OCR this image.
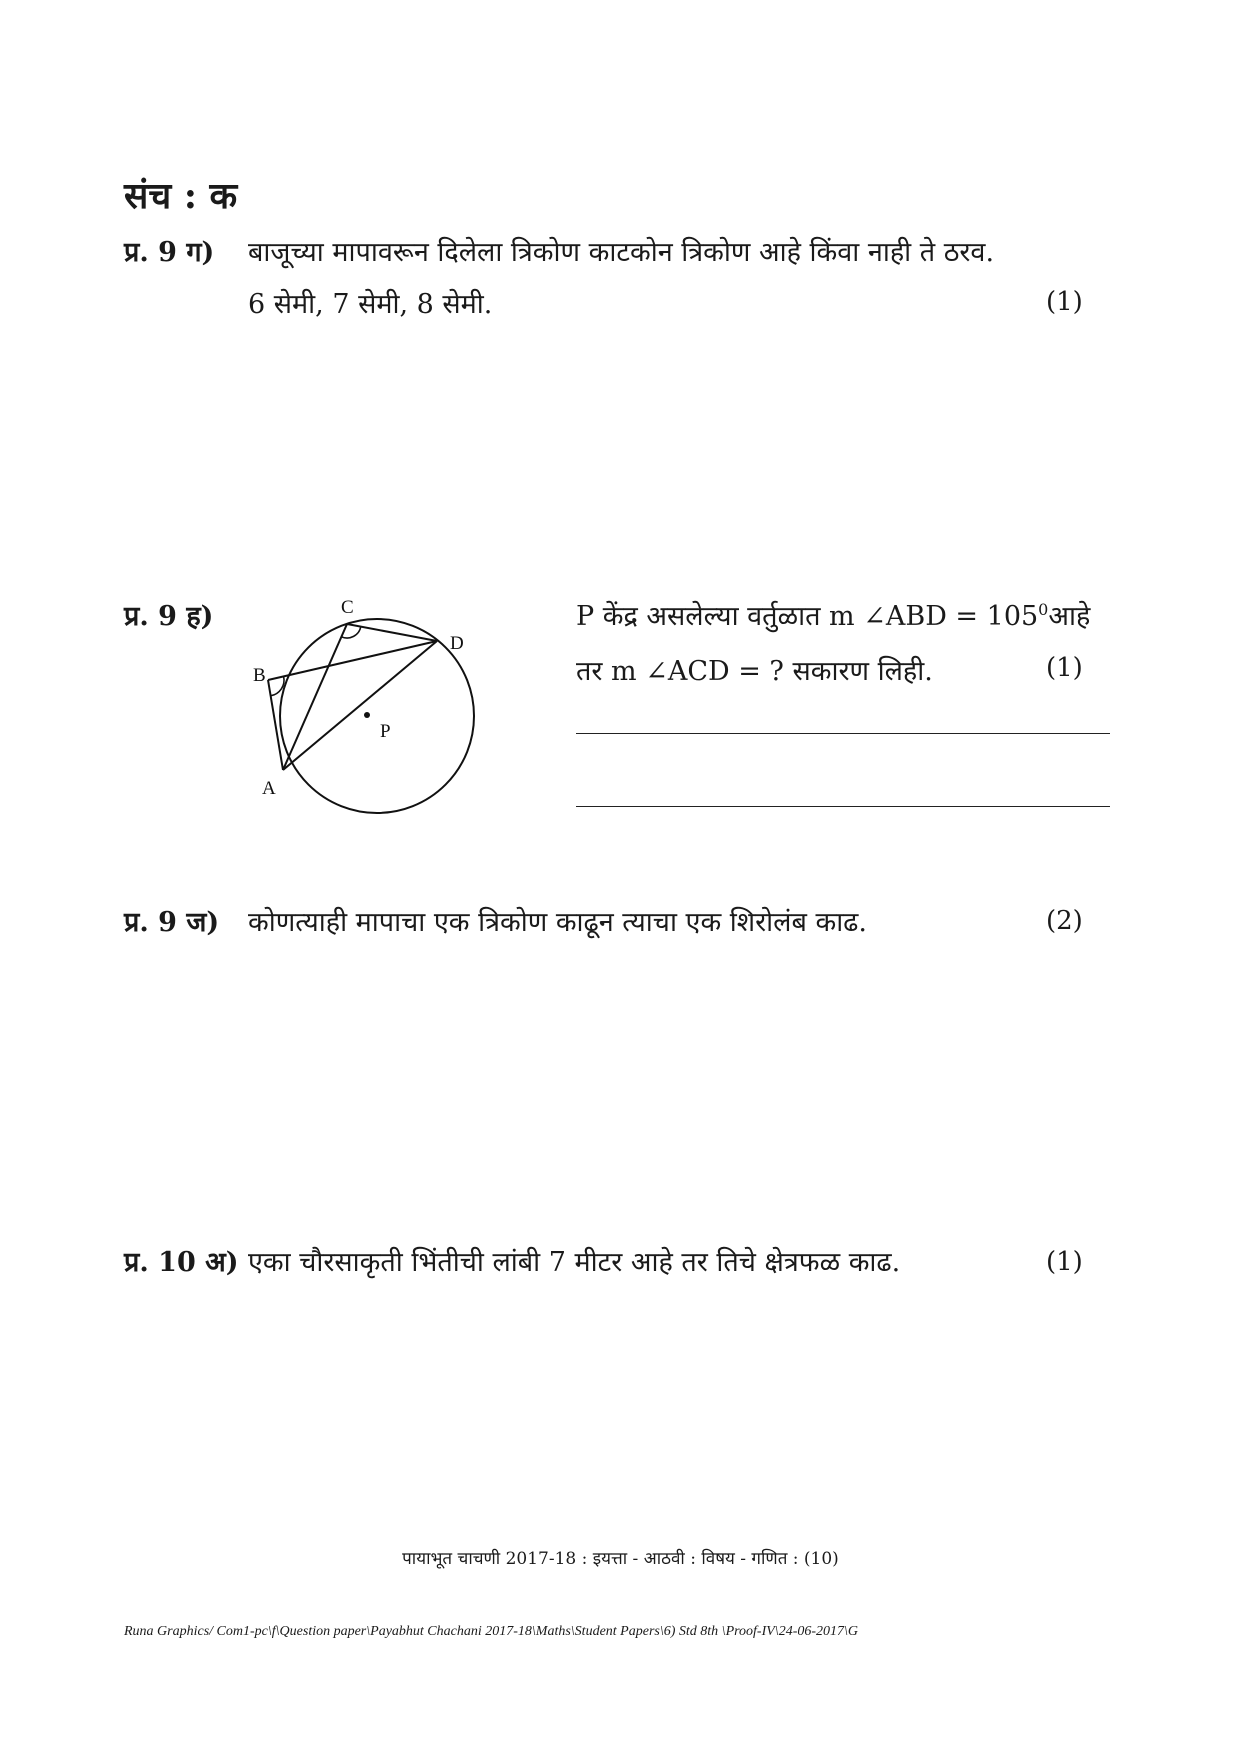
संच : क
प्र. 9 ग) बाजूच्या मापावरून दिलेला त्रिकोण काटकोन त्रिकोण आहे किंवा नाही ते ठरव.
6 सेमी, 7 सेमी, 8 सेमी.	(1)
प्र. 9 ह)	C
D
B
P
A
P केंद्र असलेल्या वर्तुळात m ∠ABD = $105^0आहे$
तर m ∠ACD = ? सकारण लिही.	(1)
प्र. 9 ज) कोणत्याही मापाचा एक त्रिकोण काढून त्याचा एक शिरोलंब काढ.	(2)
प्र. 10 अ) एका चौरसाकृती भिंतीची लांबी 7 मीटर आहे तर तिचे क्षेत्रफळ काढ.	(1)
पायाभूत चाचणी 2017-18 : इयत्ता - आठवी : विषय - गणित : (10)
Runa Graphics/ Com1-pc\f\Question paper\Payabhut Chachani 2017-18\Maths\Student Papers\6) Std 8th \Proof-IV\24-06-2017\G
